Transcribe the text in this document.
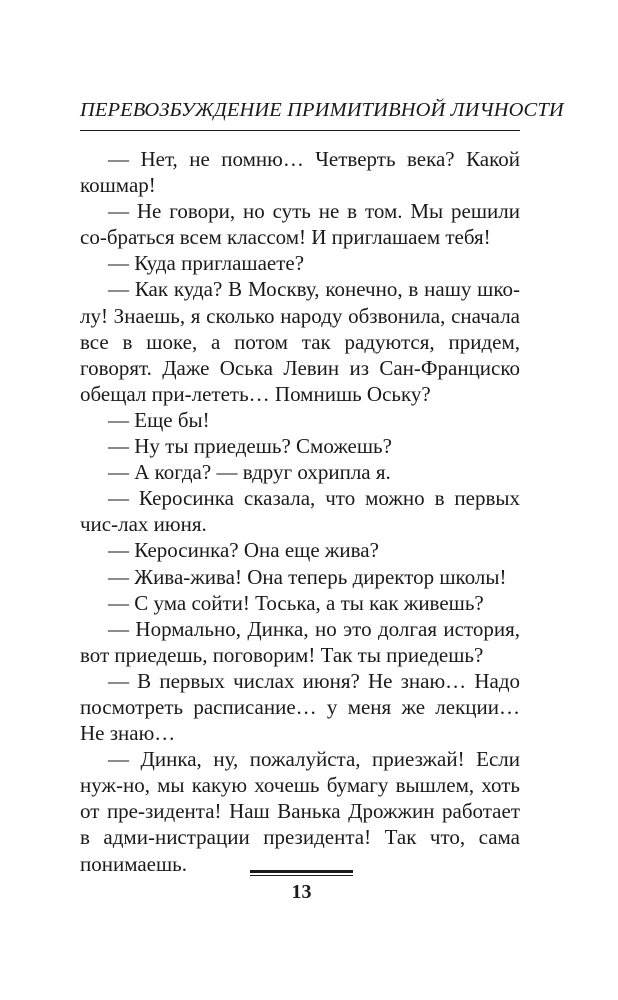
ПЕРЕВОЗБУЖДЕНИЕ ПРИМИТИВНОЙ ЛИЧНОСТИ

— Нет, не помню… Четверть века? Какой кошмар!

— Не говори, но суть не в том. Мы решили со-браться всем классом! И приглашаем тебя!

— Куда приглашаете?

— Как куда? В Москву, конечно, в нашу шко-лу! Знаешь, я сколько народу обзвонила, сначала все в шоке, а потом так радуются, придем, говорят. Даже Оська Левин из Сан-Франциско обещал при-лететь… Помнишь Оську?

— Еще бы!

— Ну ты приедешь? Сможешь?

— А когда? — вдруг охрипла я.

— Керосинка сказала, что можно в первых чис-лах июня.

— Керосинка? Она еще жива?

— Жива-жива! Она теперь директор школы!

— С ума сойти! Тоська, а ты как живешь?

— Нормально, Динка, но это долгая история, вот приедешь, поговорим! Так ты приедешь?

— В первых числах июня? Не знаю… Надо посмотреть расписание… у меня же лекции… Не знаю…

— Динка, ну, пожалуйста, приезжай! Если нуж-но, мы какую хочешь бумагу вышлем, хоть от пре-зидента! Наш Ванька Дрожжин работает в адми-нистрации президента! Так что, сама понимаешь.

13
